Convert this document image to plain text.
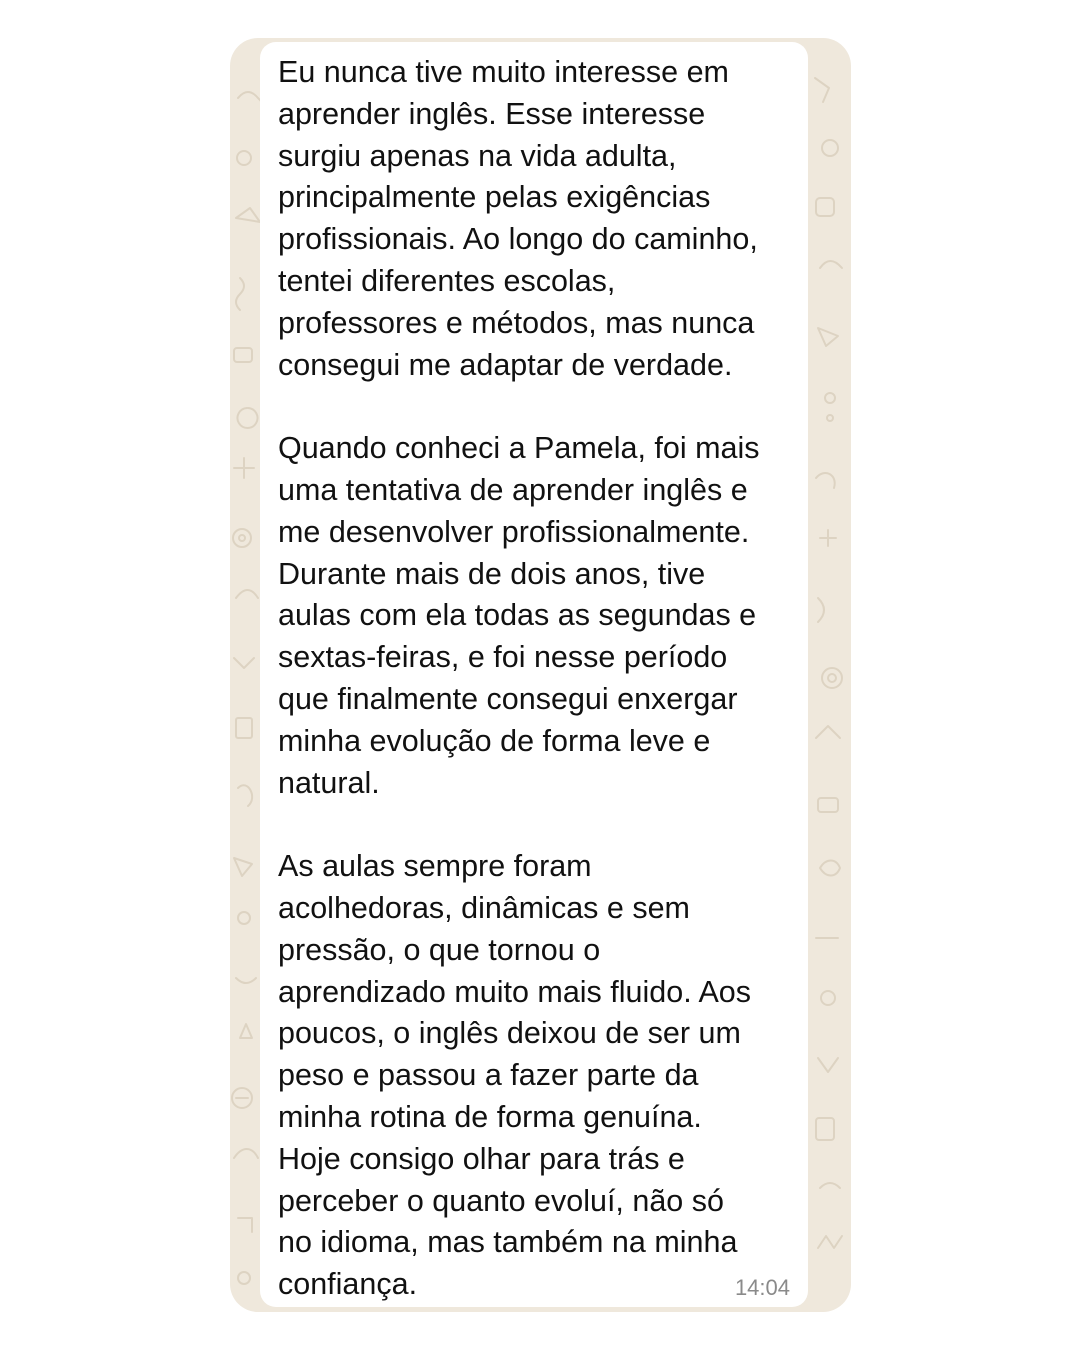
Eu nunca tive muito interesse em
aprender inglês. Esse interesse
surgiu apenas na vida adulta,
principalmente pelas exigências
profissionais. Ao longo do caminho,
tentei diferentes escolas,
professores e métodos, mas nunca
consegui me adaptar de verdade.

Quando conheci a Pamela, foi mais
uma tentativa de aprender inglês e
me desenvolver profissionalmente.
Durante mais de dois anos, tive
aulas com ela todas as segundas e
sextas-feiras, e foi nesse período
que finalmente consegui enxergar
minha evolução de forma leve e
natural.

As aulas sempre foram
acolhedoras, dinâmicas e sem
pressão, o que tornou o
aprendizado muito mais fluido. Aos
poucos, o inglês deixou de ser um
peso e passou a fazer parte da
minha rotina de forma genuína.
Hoje consigo olhar para trás e
perceber o quanto evoluí, não só
no idioma, mas também na minha
confiança.	14:04
